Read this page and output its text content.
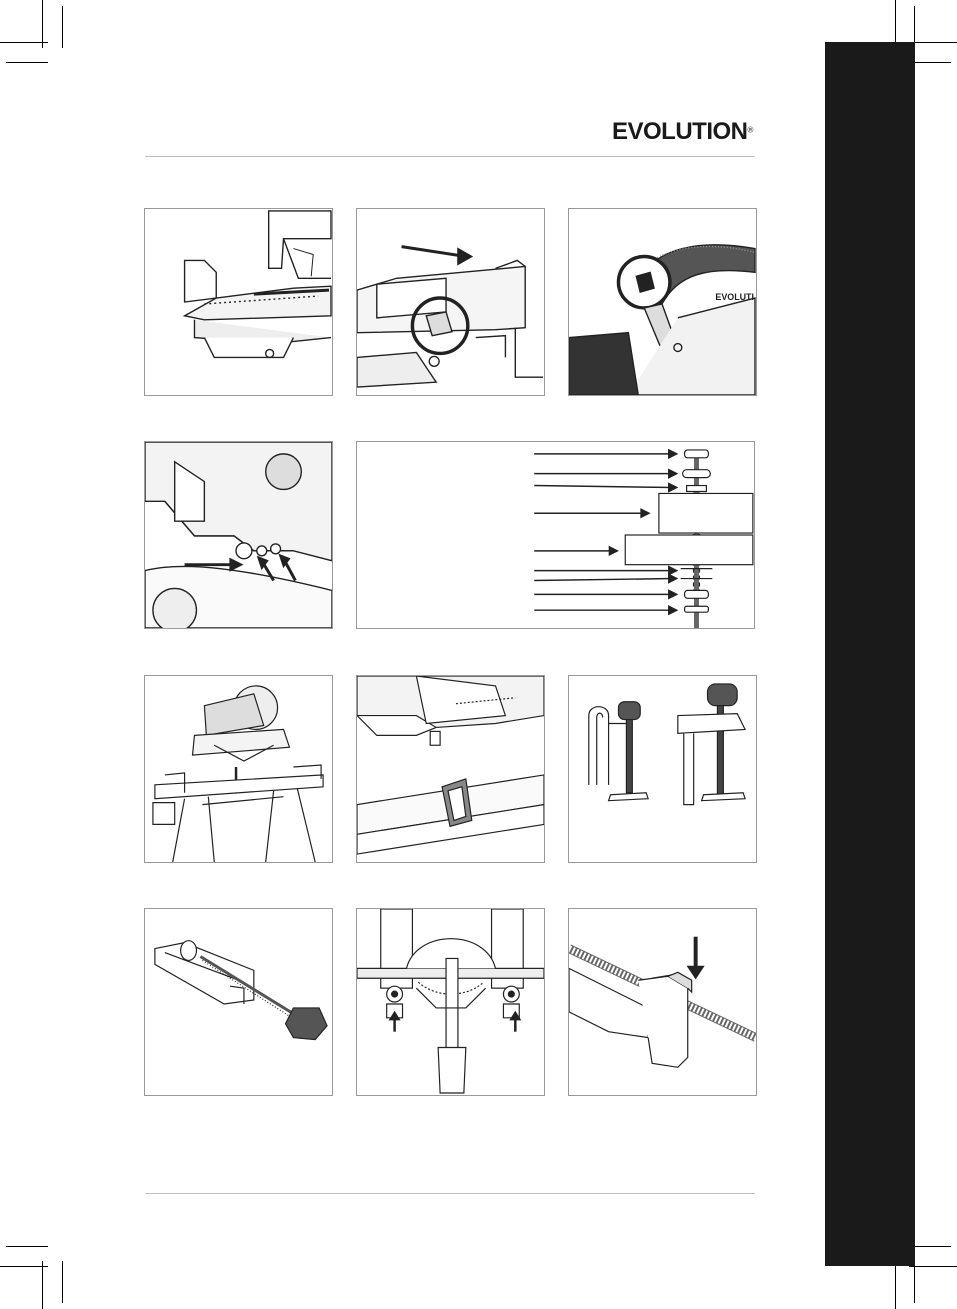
EVOLUTION®
EVOLUTI
